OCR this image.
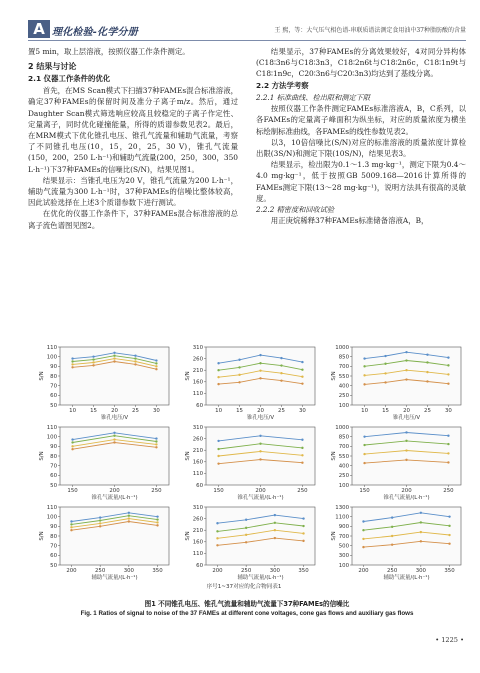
A 理化检验-化学分册	王 熙，等：大气压气相色谱-串联质谱法测定食用油中37种脂肪酸的含量

置5 min，取上层溶液，按照仪器工作条件测定。

2 结果与讨论
2.1 仪器工作条件的优化

首先，在MS Scan模式下扫描37种FAMEs混合标准溶液，确定37种FAMEs的保留时间及准分子离子m/z。然后，通过Daughter Scan模式筛选响应较高且较稳定的子离子作定性、定量离子，同时优化碰撞能量，所得的质谱参数见表2。最后，在MRM模式下优化锥孔电压、锥孔气流量和辅助气流量，考察了不同锥孔电压(10，15，20，25，30 V)，锥孔气流量(150，200，250 L·h⁻¹)和辅助气流量(200，250，300，350 L·h⁻¹)下37种FAMEs的信噪比(S/N)，结果见图1。

结果显示：当锥孔电压为20 V，锥孔气流量为200 L·h⁻¹，辅助气流量为300 L·h⁻¹时，37种FAMEs的信噪比整体较高，因此试验选择在上述3个质谱参数下进行测试。

在优化的仪器工作条件下，37种FAMEs混合标准溶液的总离子流色谱图见图2。

结果显示，37种FAMEs的分离效果较好，4对同分异构体(C18∶3n6与C18∶3n3，C18∶2n6t与C18∶2n6c，C18∶1n9t与C18∶1n9c，C20∶3n6与C20∶3n3)均达到了基线分离。

2.2 方法学考察
2.2.1 标准曲线、检出限和测定下限

按照仪器工作条件测定FAMEs标准溶液A，B，C系列，以各FAMEs的定量离子峰面积为纵坐标，对应的质量浓度为横坐标绘制标准曲线，各FAMEs的线性参数见表2。

以3，10倍信噪比(S/N)对应的标准溶液的质量浓度计算检出限(3S/N)和测定下限(10S/N)，结果见表3。

结果显示，检出限为0.1～1.3 mg·kg⁻¹，测定下限为0.4～4.0 mg·kg⁻¹，低于按照GB 5009.168—2016计算所得的FAMEs测定下限(13～28 mg·kg⁻¹)，说明方法具有很高的灵敏度。

2.2.2 精密度和回收试验

用正庚烷稀释37种FAMEs标准储备溶液A，B，

50
60
70
80
90
100
110
10	15	20	25	30
锥孔电压/V
S/N
60
110
160
210
260
310
10	15	20	25	30
锥孔电压/V
S/N
100
250
400
550
700
850
1000
10	15	20	25	30
锥孔电压/V
S/N
50
60
70
80
90
100
110
150	200	250
锥孔气流量/(L·h⁻¹)
S/N
60
110
160
210
260
310
150	200	250
锥孔气流量/(L·h⁻¹)
S/N
100
250
400
550
700
850
1000
150	200	250
锥孔气流量/(L·h⁻¹)
S/N
50
60
70
80
90
100
110
200	250	300	350
辅助气流量/(L·h⁻¹)
S/N
60
110
160
210
260
310
200	250	300	350
辅助气流量/(L·h⁻¹)
S/N
100
300
500
700
900
1100
1300
200	250	300	350
辅助气流量/(L·h⁻¹)
S/N
序号1~37对应的化合物同表1
图1 不同锥孔电压、锥孔气流量和辅助气流量下37种FAMEs的信噪比
Fig. 1 Ratios of signal to noise of the 37 FAMEs at different cone voltages, cone gas flows and auxiliary gas flows
• 1225 •
